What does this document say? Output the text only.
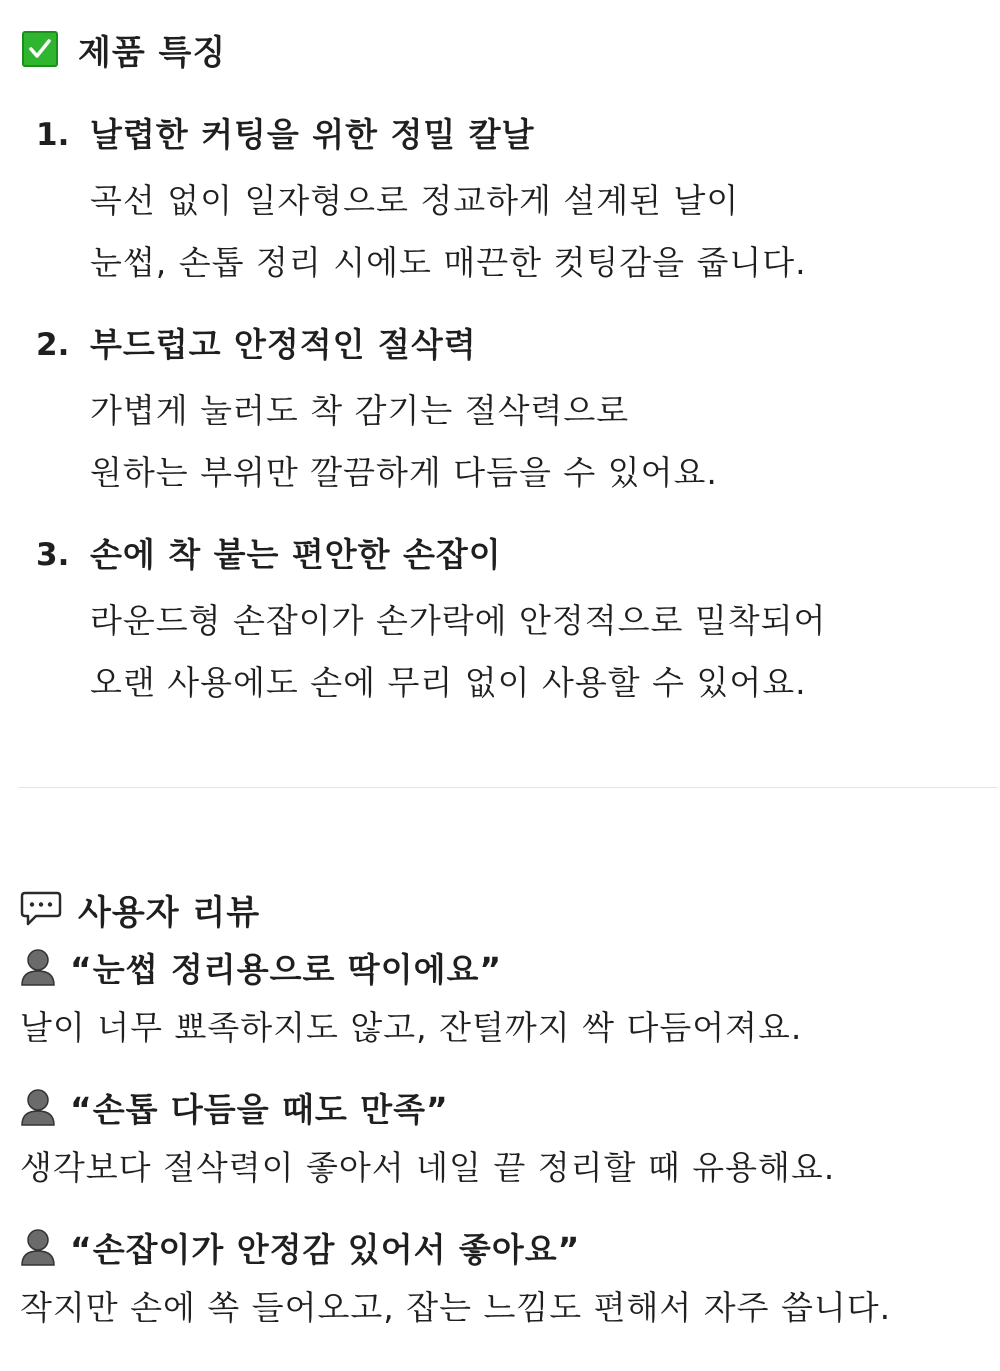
제품 특징
1. 날렵한 커팅을 위한 정밀 칼날
곡선 없이 일자형으로 정교하게 설계된 날이
눈썹, 손톱 정리 시에도 매끈한 컷팅감을 줍니다.
2. 부드럽고 안정적인 절삭력
가볍게 눌러도 착 감기는 절삭력으로
원하는 부위만 깔끔하게 다듬을 수 있어요.
3. 손에 착 붙는 편안한 손잡이
라운드형 손잡이가 손가락에 안정적으로 밀착되어
오랜 사용에도 손에 무리 없이 사용할 수 있어요.
사용자 리뷰
“눈썹 정리용으로 딱이에요”
날이 너무 뾰족하지도 않고, 잔털까지 싹 다듬어져요.
“손톱 다듬을 때도 만족”
생각보다 절삭력이 좋아서 네일 끝 정리할 때 유용해요.
“손잡이가 안정감 있어서 좋아요”
작지만 손에 쏙 들어오고, 잡는 느낌도 편해서 자주 씁니다.
